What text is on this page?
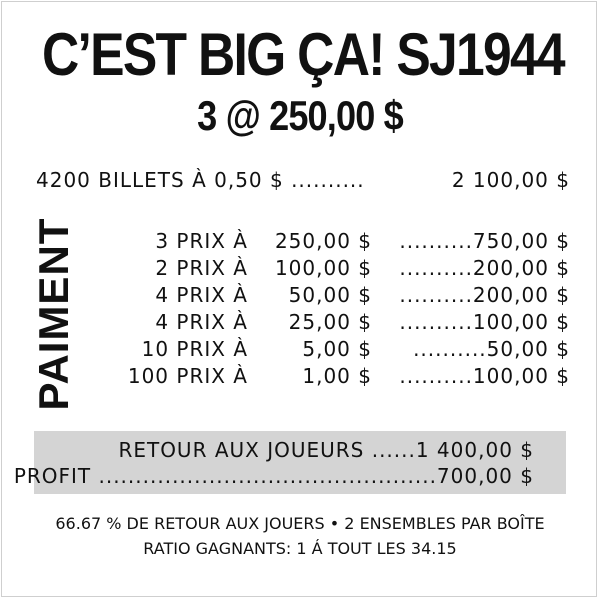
C’EST BIG ÇA! SJ1944
3 @ 250,00 $
4200 BILLETS À 0,50 $ ..........	2 100,00 $
PAIMENT	3 PRIX À 250,00 $ ..........750,00 $
2 PRIX À 100,00 $ ..........200,00 $
4 PRIX À 50,00 $ ..........200,00 $
4 PRIX À 25,00 $ ..........100,00 $
10 PRIX À	5,00 $ ..........50,00 $
100 PRIX À	1,00 $ ..........100,00 $
RETOUR AUX JOUEURS ......1 400,00 $
PROFIT ..............................................700,00 $
66.67 % DE RETOUR AUX JOUERS • 2 ENSEMBLES PAR BOÎTE
RATIO GAGNANTS: 1 Á TOUT LES 34.15
